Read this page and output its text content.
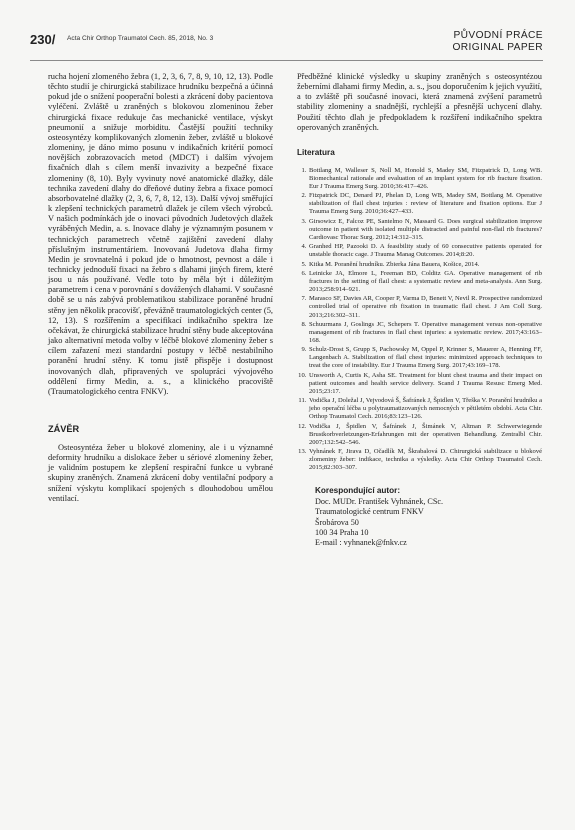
230/ Acta Chir Orthop Traumatol Cech. 85, 2018, No. 3	PŮVODNÍ PRÁCE
ORIGINAL PAPER

rucha hojení zlomeného žebra (1, 2, 3, 6, 7, 8, 9, 10, 12, 13). Podle těchto studií je chirurgická stabilizace hrudníku bezpečná a účinná pokud jde o snížení pooperační bolesti a zkrácení doby pacientova vyléčení. Zvláště u zraněných s blokovou zlomeninou žeber chirurgická fixace redukuje čas mechanické ventilace, výskyt pneumonií a snižuje morbiditu. Častější použití techniky osteosyntézy komplikovaných zlomenin žeber, zvláště u blokové zlomeniny, je dáno mimo posunu v indikačních kritérií pomocí novějších zobrazovacích metod (MDCT) i dalším vývojem fixačních dlah s cílem menší invazivity a bezpečné fixace zlomeniny (8, 10). Byly vyvinuty nové anatomické dlažky, dále technika zavedení dlahy do dřeňové dutiny žebra a fixace pomocí absorbovatelné dlažky (2, 3, 6, 7, 8, 12, 13). Další vývoj směřující k zlepšení technických parametrů dlažek je cílem všech výrobců. V našich podmínkách jde o inovaci původních Judetových dlažek vyráběných Medin, a. s. Inovace dlahy je významným posunem v technických parametrech včetně zajištění zavedení dlahy příslušným instrumentáriem. Inovovaná Judetova dlaha firmy Medin je srovnatelná i pokud jde o hmotnost, pevnost a dále i technicky jednoduší fixaci na žebro s dlahami jiných firem, které jsou u nás používané. Vedle toto by měla být i důležitým parametrem i cena v porovnání s dovážených dlahami. V současné době se u nás zabývá problematikou stabilizace poraněné hrudní stěny jen několik pracovišť, převážně traumatologických center (5, 12, 13). S rozšířením a specifikací indikačního spektra lze očekávat, že chirurgická stabilizace hrudní stěny bude akceptována jako alternativní metoda volby v léčbě blokové zlomeniny žeber s cílem zařazení mezi standardní postupy v léčbě nestabilního poranění hrudní stěny. K tomu jistě přispěje i dostupnost inovovaných dlah, připravených ve spolupráci vývojového oddělení firmy Medin, a. s., a klinického pracoviště (Traumatologického centra FNKV).

ZÁVĚR

Osteosyntéza žeber u blokové zlomeniny, ale i u významné deformity hrudníku a dislokace žeber u sériové zlomeniny žeber, je validním postupem ke zlepšení respirační funkce u vybrané skupiny zraněných. Znamená zkrácení doby ventilační podpory a snížení výskytu komplikací spojených s dlouhodobou umělou ventilací.

Předběžné klinické výsledky u skupiny zraněných s osteosyntézou žeberními dlahami firmy Medin, a. s., jsou doporučením k jejich využití, a to zvláště při současné inovaci, která znamená zvýšení parametrů stability zlomeniny a snadnější, rychlejší a přesnější uchycení dlahy. Použití těchto dlah je předpokladem k rozšíření indikačního spektra operovaných zraněných.

Literatura

1. Bottlang M, Walleser S, Noll M, Honold S, Madey SM, Fitzpatrick D, Long WB. Biomechanical rationale and evaluation of an implant system for rib fracture fixation. Eur J Trauma Emerg Surg. 2010;36:417–426.
2. Fitzpatrick DC, Denard PJ, Phelan D, Long WB, Madey SM, Bottlang M. Operative stabilization of flail chest injuries : review of literature and fixation options. Eur J Trauma Emerg Surg. 2010;36:427–433.
3. Girsowicz E, Falcoz PE, Santelmo N, Massard G. Does surgical stabilization improve outcome in patient with isolated multiple distracted and painful non-flail rib fractures? Cardiovasc Thorac Surg. 2012;14:312–315.
4. Granhed HP, Pazooki D. A feasibility study of 60 consecutive patients operated for unstable thoracic cage. J Trauma Manag Outcomes. 2014;8:20.
5. Kitka M. Poranění hrudníku. Zbierka Jána Bauera, Košice, 2014.
6. Leinicke JA, Elmore L, Freeman BD, Colditz GA. Operative management of rib fractures in the setting of flail chest: a systematic review and meta-analysis. Ann Surg. 2013;258:914–921.
7. Marasco SF, Davies AR, Cooper P, Varma D, Benett V, Nevil R. Prospective randomized controlled trial of operative rib fixation in traumatic flail chest. J Am Coll Surg. 2013;216:302–311.
8. Schuurmans J, Goslings JC, Schepers T. Operative management versus non-operative management of rib fractures in flail chest injuries: a systematic review. 2017;43:163–168.
9. Schulz-Drost S, Grupp S, Pachowsky M, Oppel P, Krinner S, Mauerer A, Henning FF, Langenbach A. Stabilization of flail chest injuries: minimized approach techniques to treat the core of instability. Eur J Trauma Emerg Surg. 2017;43:169–178.
10. Unsworth A, Curtis K, Asha SE. Treatment for blunt chest trauma and their impact on patient outcomes and health service delivery. Scand J Trauma Resusc Emerg Med. 2015;23:17.
11. Vodička J, Doležal J, Vejvodová Š, Šafránek J, Špidlen V, Třeška V. Poranění hrudníku a jeho operační léčba u polytraumatizovaných nemocných v pětiletém období. Acta Chir. Orthop Traumatol Cech. 2016;83:123–126.
12. Vodička J, Špidlen V, Šafránek J, Šimánek V, Altman P. Schwerwiegende Brustkorbverletzungen-Erfahrungen mit der operativen Behandlung. Zentralbl Chir. 2007;132:542–546.
13. Vyhnánek F, Jirava D, Očadlík M, Škrabalová D. Chirurgická stabilizace u blokové zlomeniny žeber: indikace, technika a výsledky. Acta Chir Orthop Traumatol Cech. 2015;82:303–307.

Korespondující autor:

Doc. MUDr. František Vyhnánek, CSc.

Traumatologické centrum FNKV

Šrobárova 50

100 34 Praha 10

E-mail : vyhnanek@fnkv.cz
